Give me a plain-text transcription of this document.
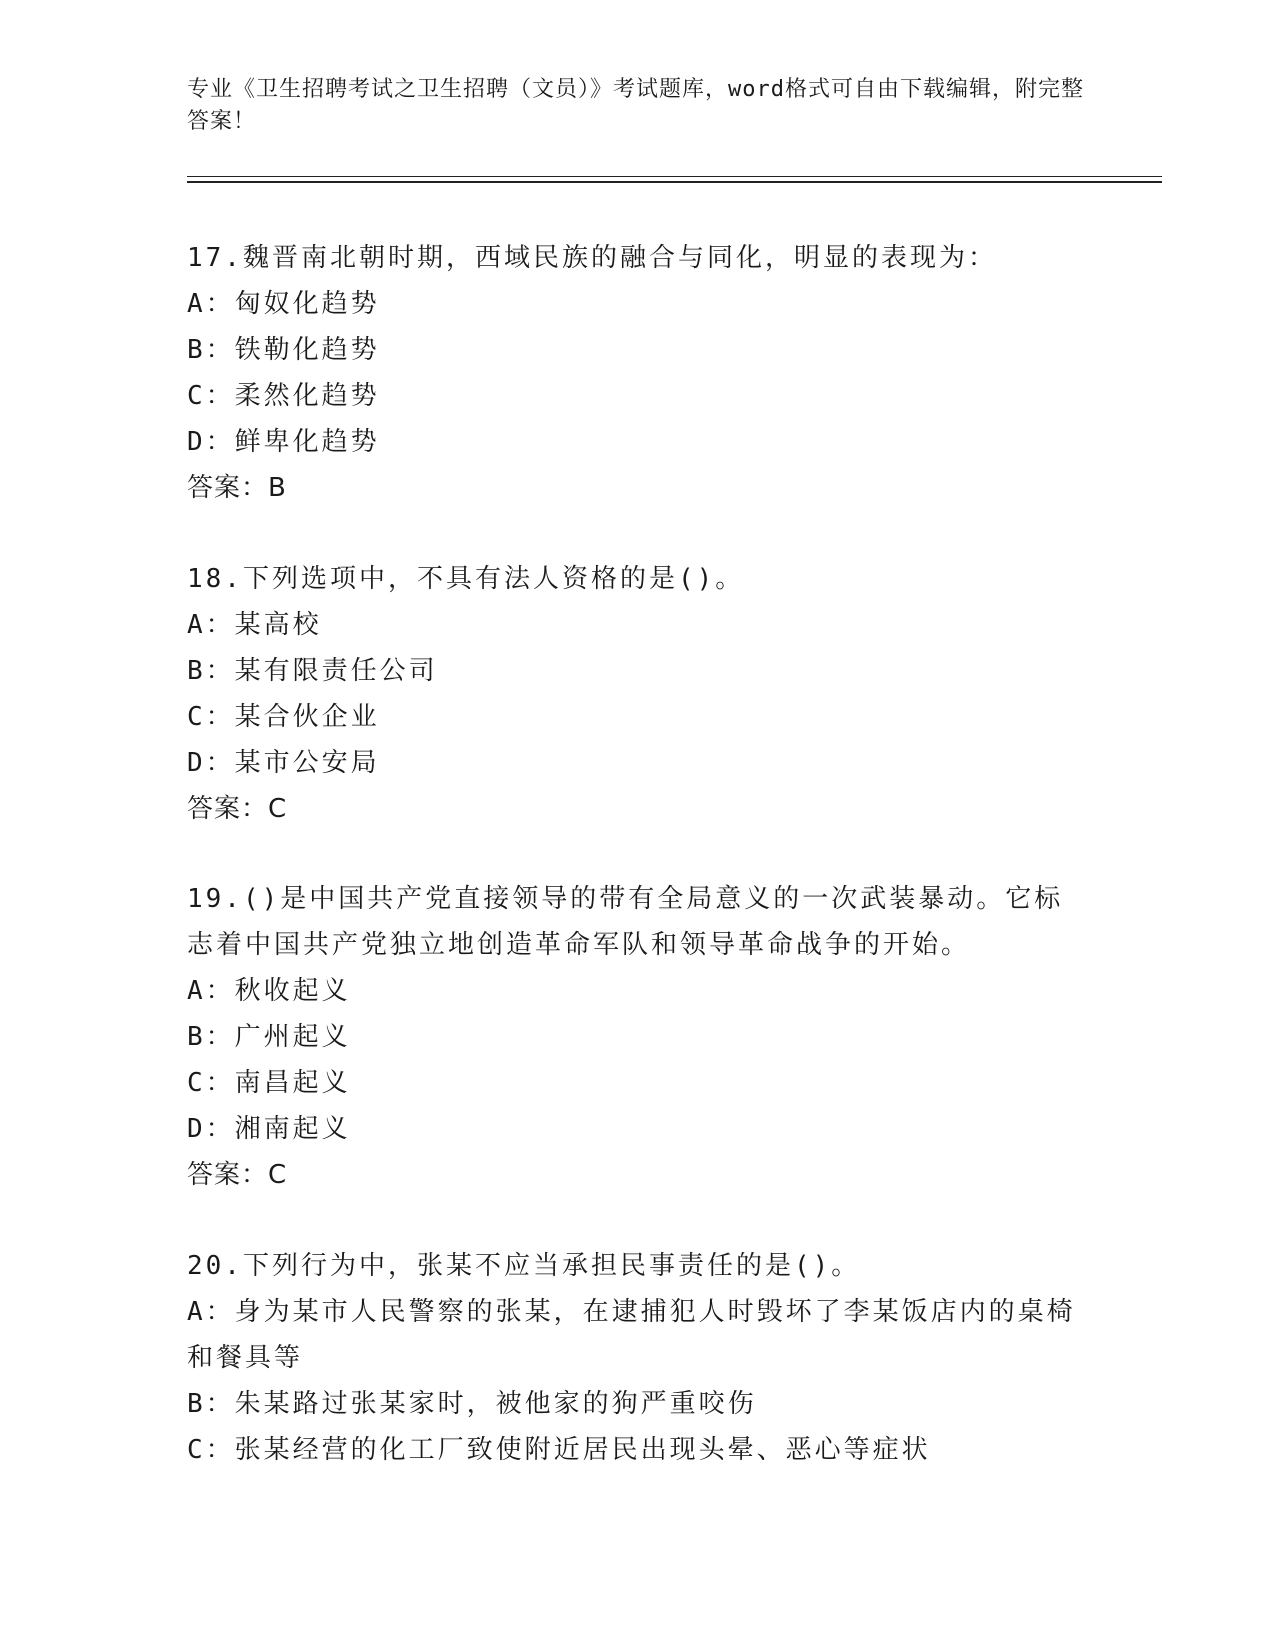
专业《卫生招聘考试之卫生招聘（文员）》考试题库，word格式可自由下载编辑，附完整答案！

17.魏晋南北朝时期，西域民族的融合与同化，明显的表现为：

A：匈奴化趋势

B：铁勒化趋势

C：柔然化趋势

D：鲜卑化趋势

答案：B

18.下列选项中，不具有法人资格的是()。

A：某高校

B：某有限责任公司

C：某合伙企业

D：某市公安局

答案：C

19.()是中国共产党直接领导的带有全局意义的一次武装暴动。它标志着中国共产党独立地创造革命军队和领导革命战争的开始。

A：秋收起义

B：广州起义

C：南昌起义

D：湘南起义

答案：C

20.下列行为中，张某不应当承担民事责任的是()。

A：身为某市人民警察的张某，在逮捕犯人时毁坏了李某饭店内的桌椅和餐具等

B：朱某路过张某家时，被他家的狗严重咬伤

C：张某经营的化工厂致使附近居民出现头晕、恶心等症状
